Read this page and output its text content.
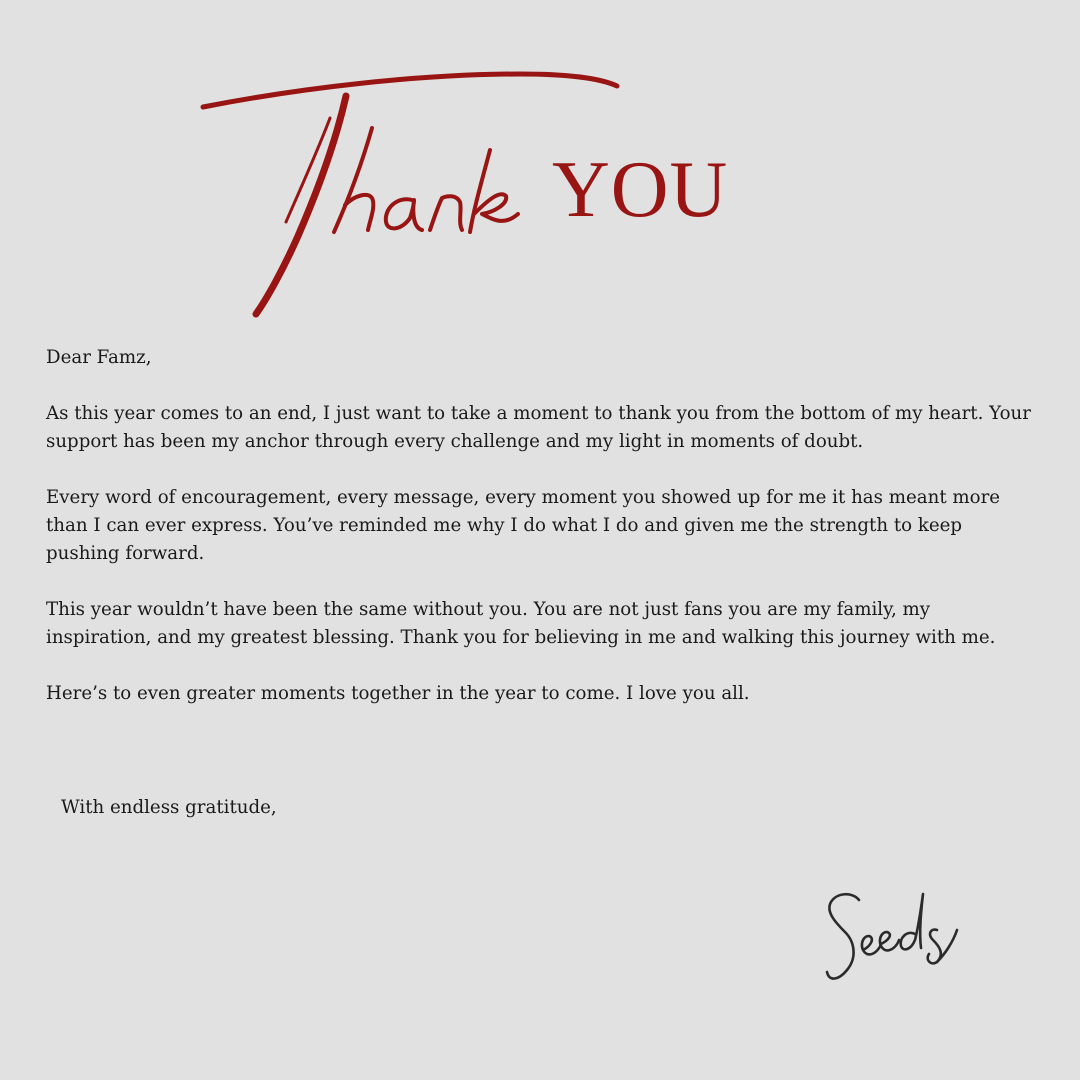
YOU

Dear Famz,

As this year comes to an end, I just want to take a moment to thank you from the bottom of my heart. Your support has been my anchor through every challenge and my light in moments of doubt.

Every word of encouragement, every message, every moment you showed up for me it has meant more than I can ever express. You’ve reminded me why I do what I do and given me the strength to keep pushing forward.

This year wouldn’t have been the same without you. You are not just fans you are my family, my inspiration, and my greatest blessing. Thank you for believing in me and walking this journey with me.

Here’s to even greater moments together in the year to come. I love you all.

With endless gratitude,
